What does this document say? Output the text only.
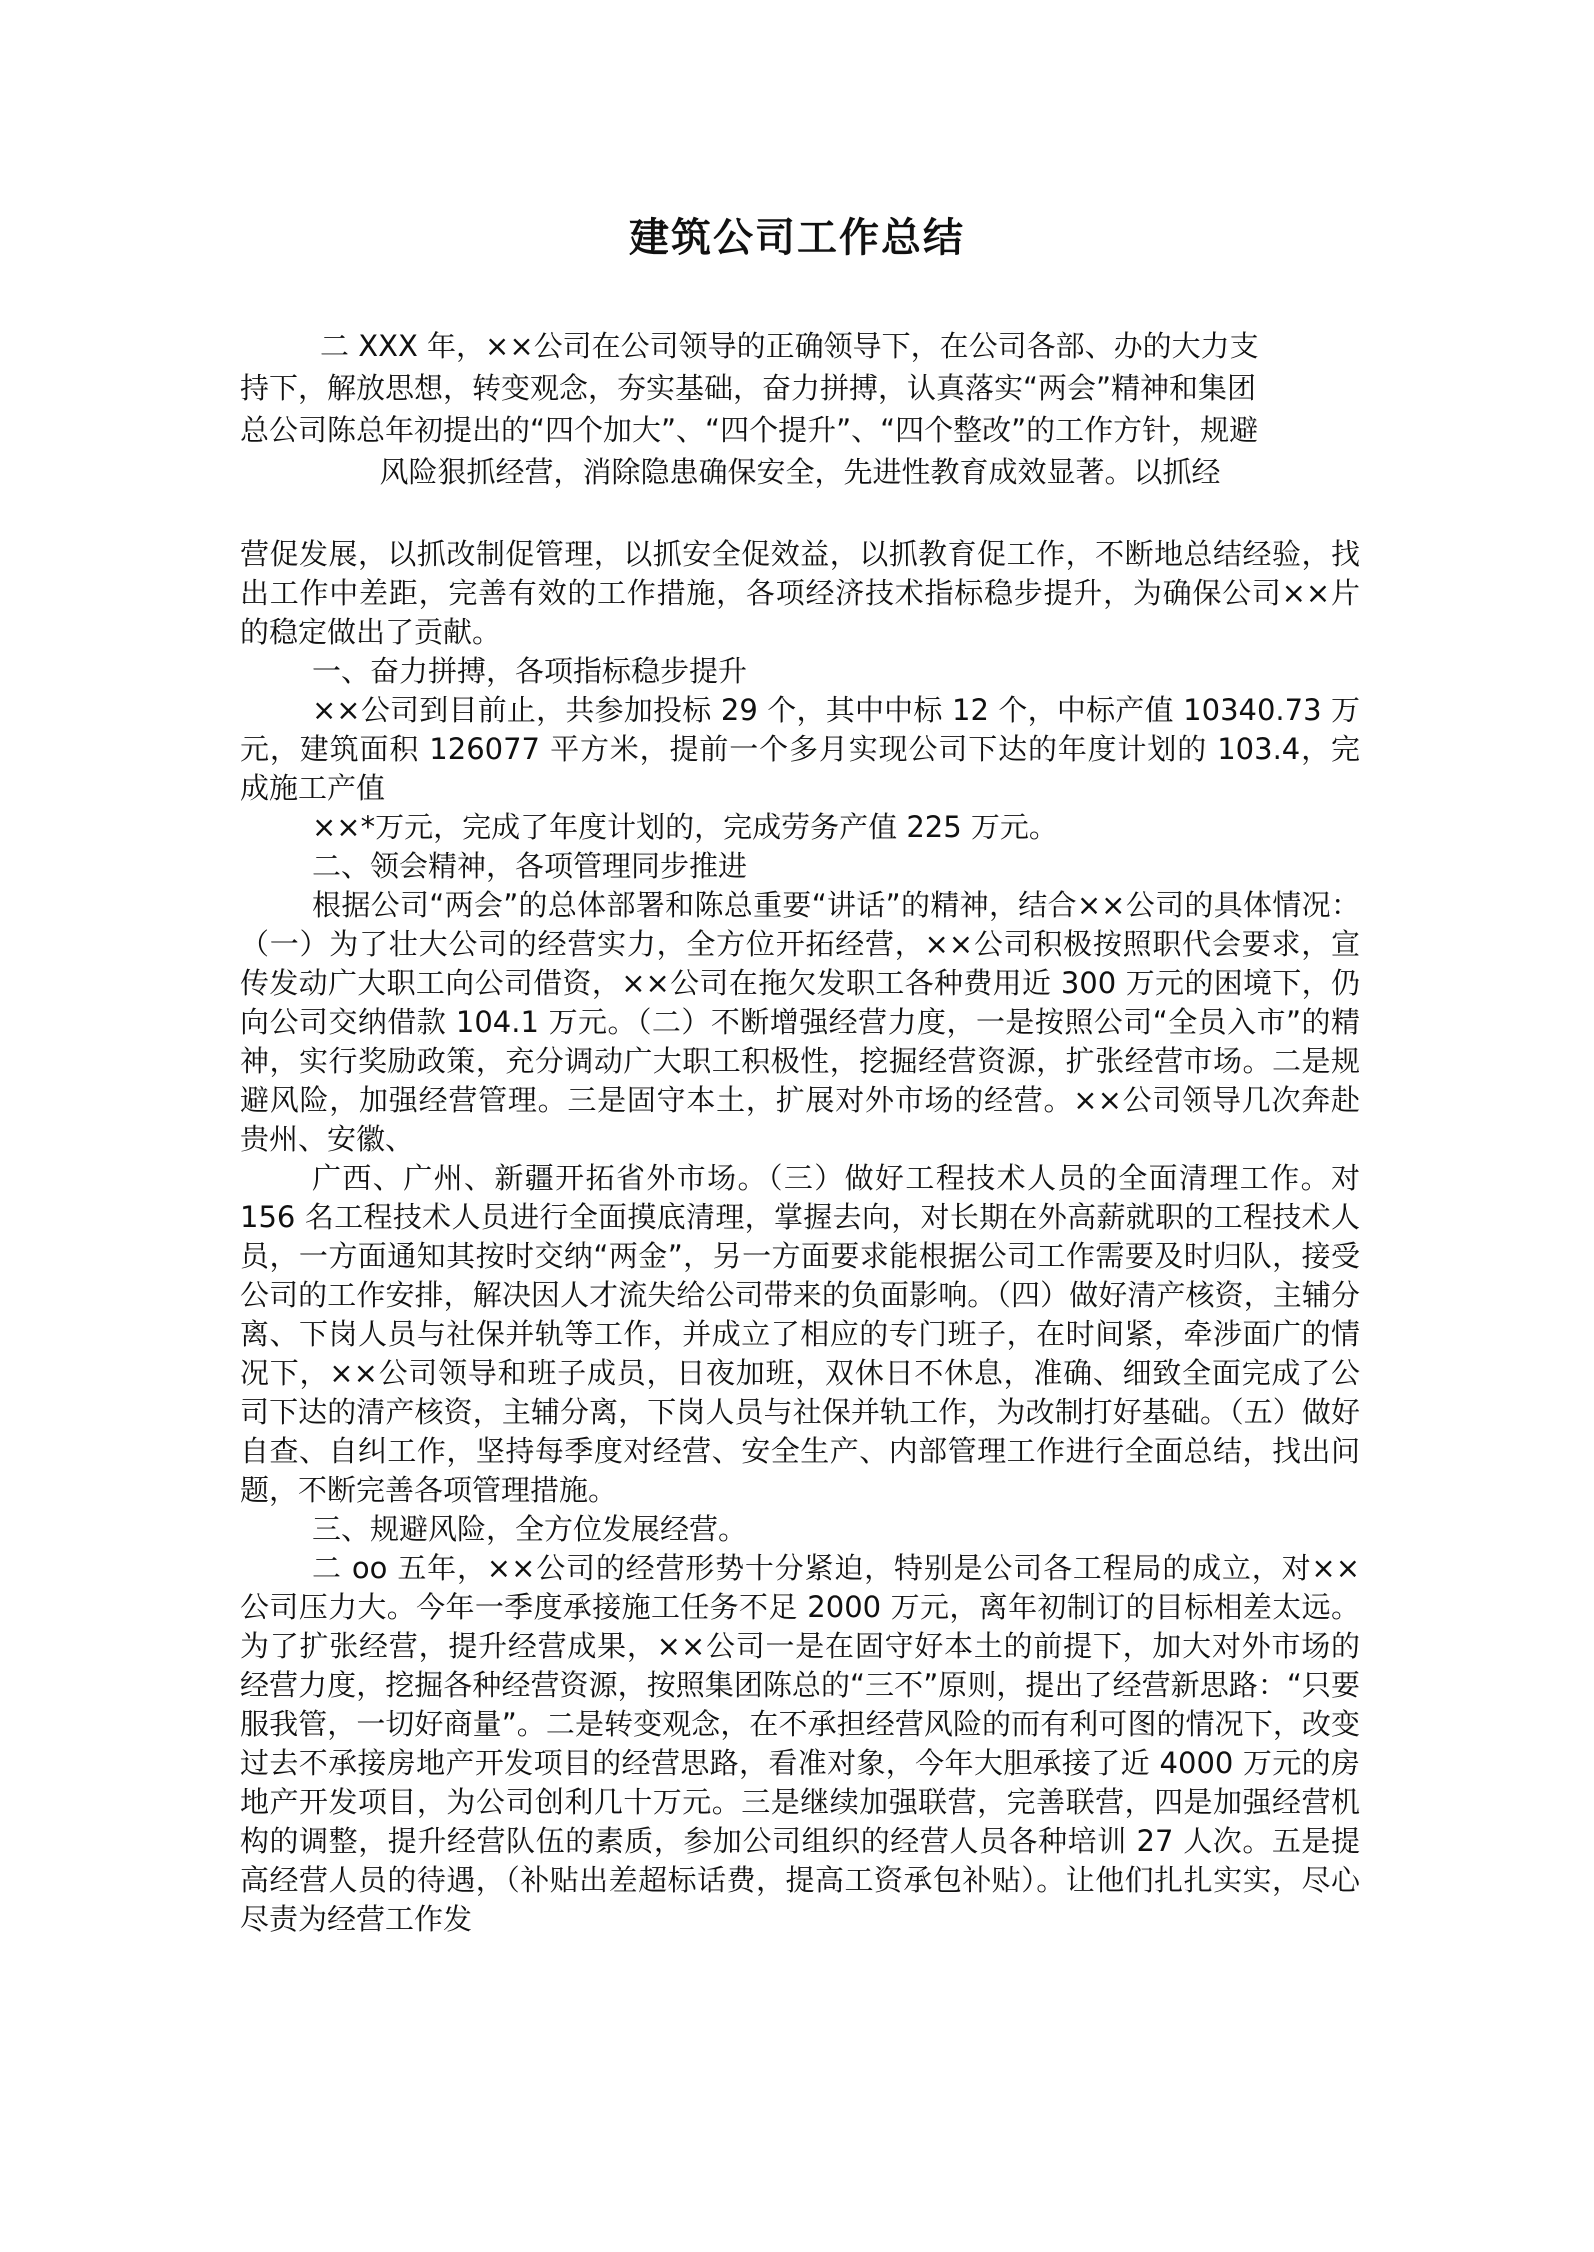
建筑公司工作总结
二 XXX 年，××公司在公司领导的正确领导下，在公司各部、办的大力支
持下，解放思想，转变观念，夯实基础，奋力拼搏，认真落实“两会”精神和集团
总公司陈总年初提出的“四个加大”、“四个提升”、“四个整改”的工作方针，规避
风险狠抓经营，消除隐患确保安全，先进性教育成效显著。以抓经

营促发展，以抓改制促管理，以抓安全促效益，以抓教育促工作，不断地总结经验，找出工作中差距，完善有效的工作措施，各项经济技术指标稳步提升，为确保公司××片的稳定做出了贡献。

一、奋力拼搏，各项指标稳步提升

××公司到目前止，共参加投标 29 个，其中中标 12 个，中标产值 10340.73 万元，建筑面积 126077 平方米，提前一个多月实现公司下达的年度计划的 103.4，完成施工产值

××*万元，完成了年度计划的，完成劳务产值 225 万元。

二、领会精神，各项管理同步推进

根据公司“两会”的总体部署和陈总重要“讲话”的精神，结合××公司的具体情况：（一）为了壮大公司的经营实力，全方位开拓经营，××公司积极按照职代会要求，宣传发动广大职工向公司借资，××公司在拖欠发职工各种费用近 300 万元的困境下，仍向公司交纳借款 104.1 万元。（二）不断增强经营力度，一是按照公司“全员入市”的精神，实行奖励政策，充分调动广大职工积极性，挖掘经营资源，扩张经营市场。二是规避风险，加强经营管理。三是固守本土，扩展对外市场的经营。××公司领导几次奔赴贵州、安徽、

广西、广州、新疆开拓省外市场。（三）做好工程技术人员的全面清理工作。对 156 名工程技术人员进行全面摸底清理，掌握去向，对长期在外高薪就职的工程技术人员，一方面通知其按时交纳“两金”，另一方面要求能根据公司工作需要及时归队，接受公司的工作安排，解决因人才流失给公司带来的负面影响。（四）做好清产核资，主辅分离、下岗人员与社保并轨等工作，并成立了相应的专门班子，在时间紧，牵涉面广的情况下，××公司领导和班子成员，日夜加班，双休日不休息，准确、细致全面完成了公司下达的清产核资，主辅分离，下岗人员与社保并轨工作，为改制打好基础。（五）做好自查、自纠工作，坚持每季度对经营、安全生产、内部管理工作进行全面总结，找出问题，不断完善各项管理措施。

三、规避风险，全方位发展经营。

二 oo 五年，××公司的经营形势十分紧迫，特别是公司各工程局的成立，对××公司压力大。今年一季度承接施工任务不足 2000 万元，离年初制订的目标相差太远。为了扩张经营，提升经营成果，××公司一是在固守好本土的前提下，加大对外市场的经营力度，挖掘各种经营资源，按照集团陈总的“三不”原则，提出了经营新思路：“只要服我管，一切好商量”。二是转变观念，在不承担经营风险的而有利可图的情况下，改变过去不承接房地产开发项目的经营思路，看准对象，今年大胆承接了近 4000 万元的房地产开发项目，为公司创利几十万元。三是继续加强联营，完善联营，四是加强经营机构的调整，提升经营队伍的素质，参加公司组织的经营人员各种培训 27 人次。五是提高经营人员的待遇，（补贴出差超标话费，提高工资承包补贴）。让他们扎扎实实，尽心尽责为经营工作发
